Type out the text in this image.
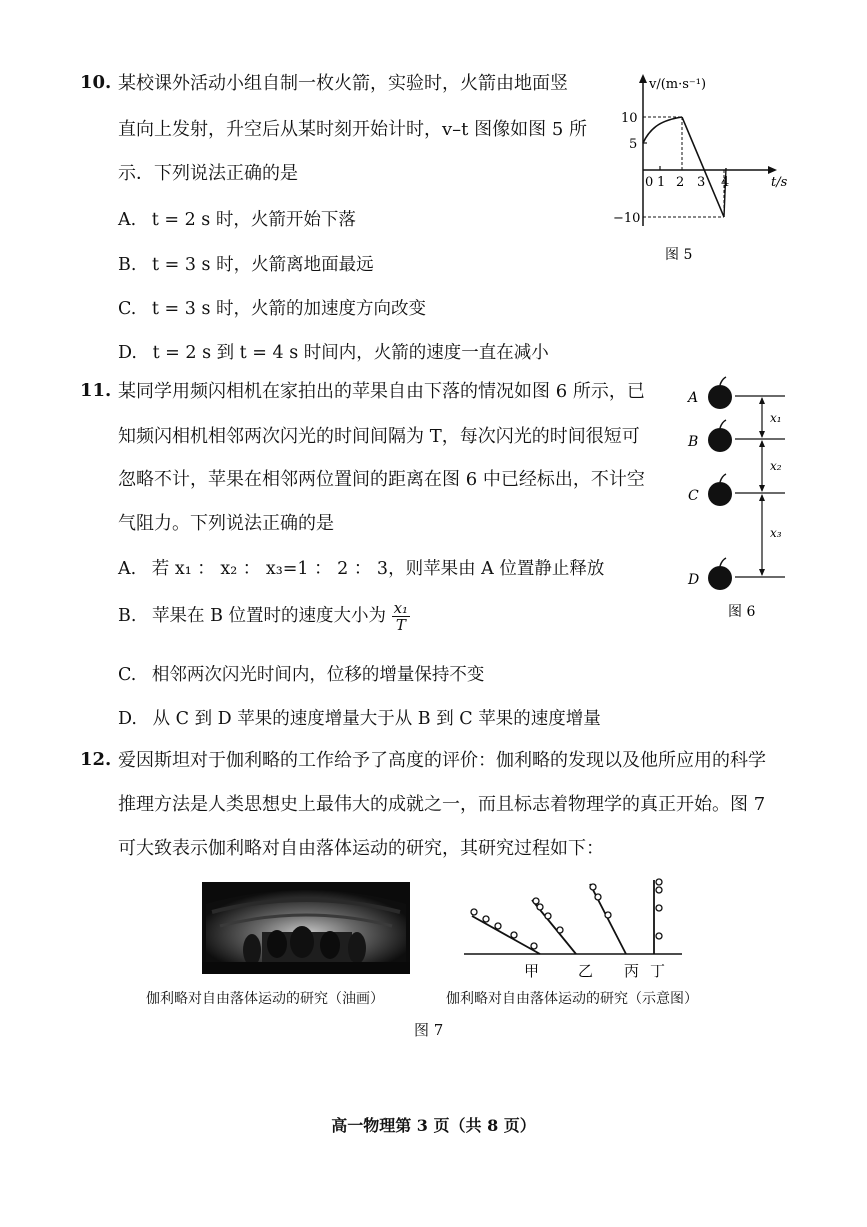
10. 某校课外活动小组自制一枚火箭，实验时，火箭由地面竖
直向上发射，升空后从某时刻开始计时，v–t 图像如图 5 所
示．下列说法正确的是
A. t = 2 s 时，火箭开始下落
B. t = 3 s 时，火箭离地面最远
C. t = 3 s 时，火箭的加速度方向改变
D. t = 2 s 到 t = 4 s 时间内，火箭的速度一直在减小
v/(m·s⁻¹)
10
5
−10
0 1 2 3 4	t/s
图 5
11. 某同学用频闪相机在家拍出的苹果自由下落的情况如图 6 所示，已
知频闪相机相邻两次闪光的时间间隔为 T，每次闪光的时间很短可
忽略不计，苹果在相邻两位置间的距离在图 6 中已经标出，不计空
气阻力。下列说法正确的是
A. 若 x₁ ： x₂ ： x₃=1 ： 2 ： 3，则苹果由 A 位置静止释放
B. 苹果在 B 位置时的速度大小为 $\frac{\text{x₁}}{T}$
C. 相邻两次闪光时间内，位移的增量保持不变
D. 从 C 到 D 苹果的速度增量大于从 B 到 C 苹果的速度增量
A
B
C
D
x₁
x₂
x₃
图 6
12. 爱因斯坦对于伽利略的工作给予了高度的评价：伽利略的发现以及他所应用的科学
推理方法是人类思想史上最伟大的成就之一，而且标志着物理学的真正开始。图 7
可大致表示伽利略对自由落体运动的研究，其研究过程如下：
甲	乙 丙 丁
伽利略对自由落体运动的研究（油画）	伽利略对自由落体运动的研究（示意图）
图 7
高一物理第 3 页（共 8 页）
